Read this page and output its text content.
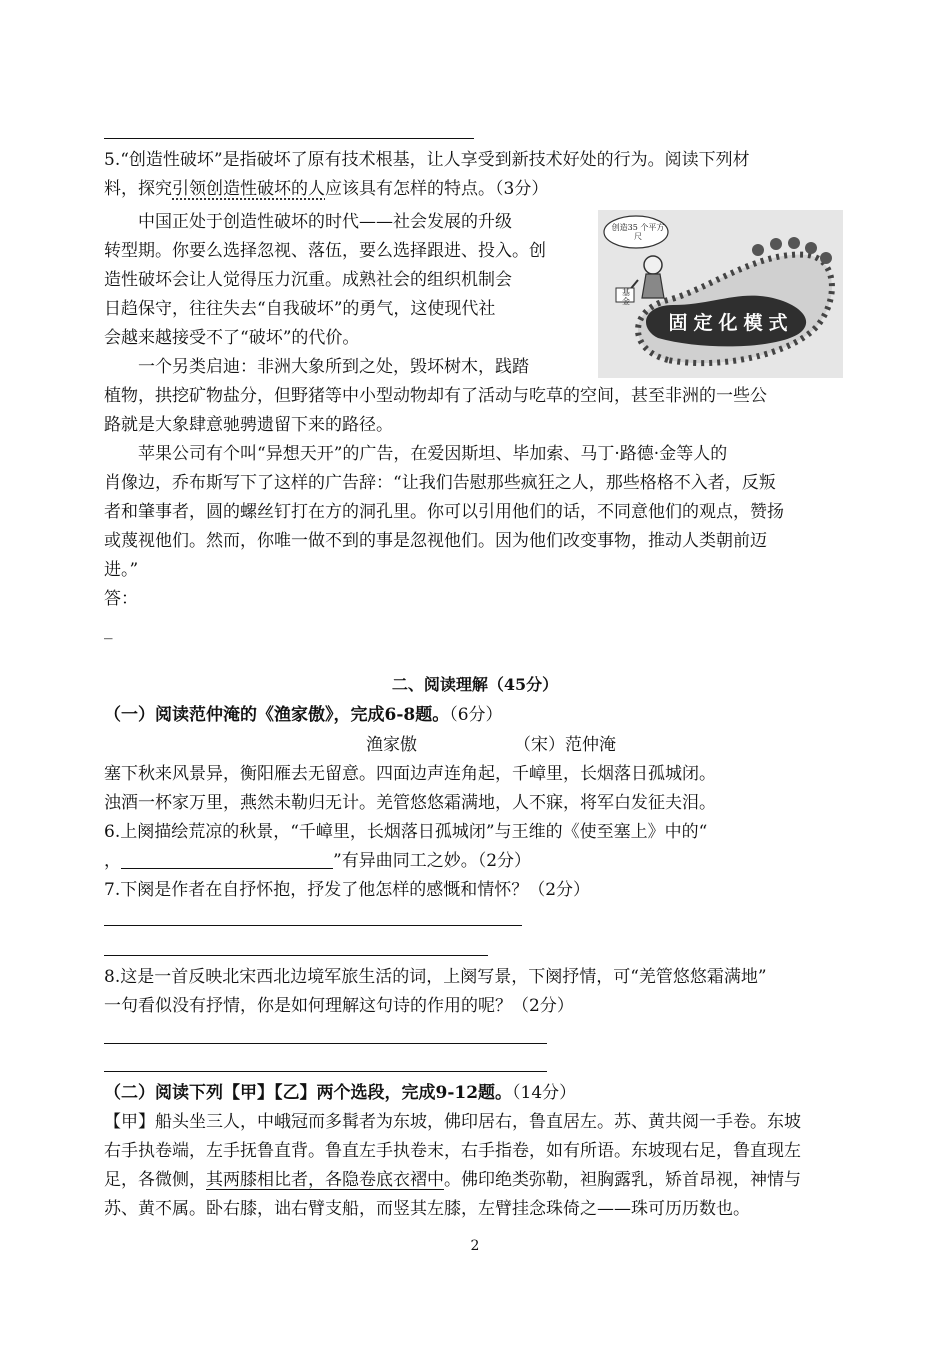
5.“创造性破坏”是指破坏了原有技术根基，让人享受到新技术好处的行为。阅读下列材
料，探究引领创造性破坏的人应该具有怎样的特点。（3分）
中国正处于创造性破坏的时代——社会发展的升级
转型期。你要么选择忽视、落伍，要么选择跟进、投入。创
造性破坏会让人觉得压力沉重。成熟社会的组织机制会
日趋保守，往往失去“自我破坏”的勇气，这使现代社
会越来越接受不了“破坏”的代价。
一个另类启迪：非洲大象所到之处，毁坏树木，践踏
植物，拱挖矿物盐分，但野猪等中小型动物却有了活动与吃草的空间，甚至非洲的一些公
路就是大象肆意驰骋遗留下来的路径。
苹果公司有个叫“异想天开”的广告，在爱因斯坦、毕加索、马丁·路德·金等人的
肖像边，乔布斯写下了这样的广告辞：“让我们告慰那些疯狂之人，那些格格不入者，反叛
者和肇事者，圆的螺丝钉打在方的洞孔里。你可以引用他们的话，不同意他们的观点，赞扬
或蔑视他们。然而，你唯一做不到的事是忽视他们。因为他们改变事物，推动人类朝前迈
进。”
答：
_
创造35 个平方尺
基 金
固定化模式
二、阅读理解（45分）
（一）阅读范仲淹的《渔家傲》，完成6-8题。（6分）
渔家傲	（宋）范仲淹
塞下秋来风景异，衡阳雁去无留意。四面边声连角起，千嶂里，长烟落日孤城闭。
浊酒一杯家万里，燕然未勒归无计。羌管悠悠霜满地，人不寐，将军白发征夫泪。
6.上阕描绘荒凉的秋景，“千嶂里，长烟落日孤城闭”与王维的《使至塞上》中的“
，	”有异曲同工之妙。（2分）
7.下阕是作者在自抒怀抱，抒发了他怎样的感慨和情怀？（2分）
8.这是一首反映北宋西北边境军旅生活的词，上阕写景，下阕抒情，可“羌管悠悠霜满地”
一句看似没有抒情，你是如何理解这句诗的作用的呢？（2分）
（二）阅读下列【甲】【乙】两个选段，完成9-12题。（14分）
【甲】船头坐三人，中峨冠而多髯者为东坡，佛印居右，鲁直居左。苏、黄共阅一手卷。东坡
右手执卷端，左手抚鲁直背。鲁直左手执卷末，右手指卷，如有所语。东坡现右足，鲁直现左
足，各微侧，其两膝相比者，各隐卷底衣褶中。佛印绝类弥勒，袒胸露乳，矫首昂视，神情与
苏、黄不属。卧右膝，诎右臂支船，而竖其左膝，左臂挂念珠倚之——珠可历历数也。
2
